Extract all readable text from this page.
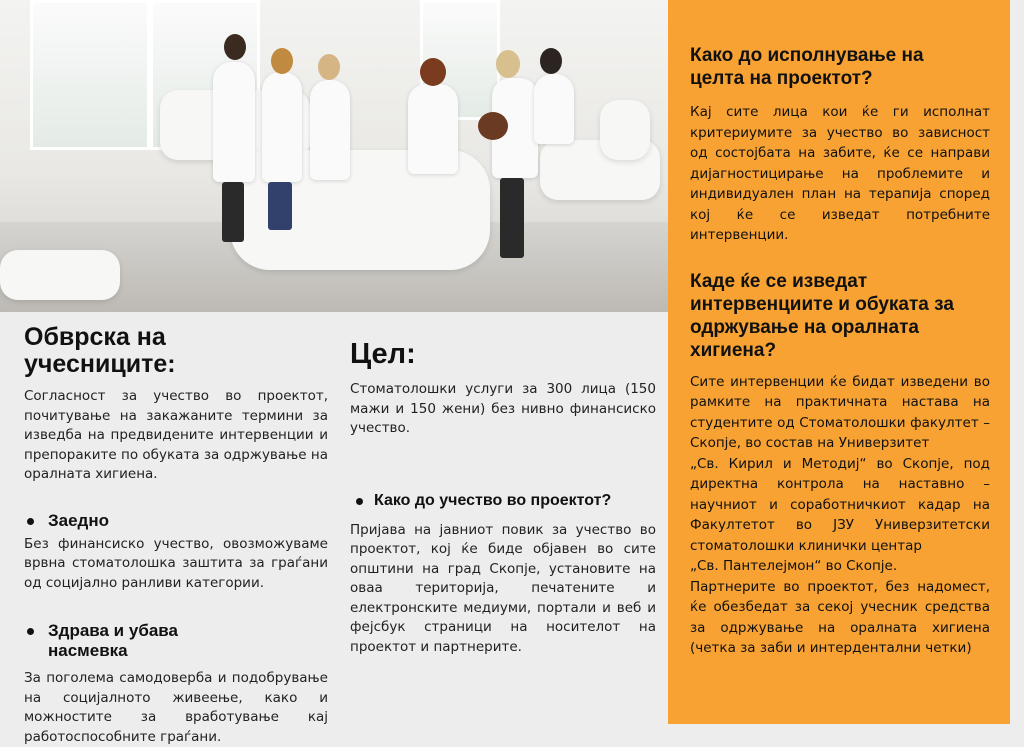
Обврска на
учесниците:

Согласност за учество во проектот, почитување на закажаните термини за изведба на предвидените интервенции и препораките по обуката за одржување на оралната хигиена.

Заедно

Без финансиско учество, овозможуваме врвна стоматолошка заштита за граѓани од социјално ранливи категории.

Здрава и убава
насмевка

За поголема самодоверба и подобрување на социјалното живеење, како и можностите за вработување кај работоспособните граѓани.

Цел:

Стоматолошки услуги за 300 лица (150 мажи и 150 жени) без нивно финансиско учество.

Како до учество во проектот?

Пријава на јавниот повик за учество во проектот, кој ќе биде објавен во сите општини на град Скопје, установите на оваа територија, печатените и електронските медиуми, портали и веб и фејсбук страници на носителот на проектот и партнерите.

Како до исполнување на
целта на проектот?

Кај сите лица кои ќе ги исполнат критериумите за учество во зависност од состојбата на забите, ќе се направи дијагностицирање на проблемите и индивидуален план на терапија според кој ќе се изведат потребните интервенции.

Каде ќе се изведат
интервенциите и обуката за
одржување на оралната
хигиена?

Сите интервенции ќе бидат изведени во рамките на практичната настава на студентите од Стоматолошки факултет – Скопје, во состав на Универзитет

„Св. Кирил и Методиј“ во Скопје, под директна контрола на наставно – научниот и соработничкиот кадар на Факултетот во ЈЗУ Универзитетски стоматолошки клинички центар

„Св. Пантелејмон“ во Скопје.

Партнерите во проектот, без надомест, ќе обезбедат за секој учесник средства за одржување на оралната хигиена (четка за заби и интердентални четки)
